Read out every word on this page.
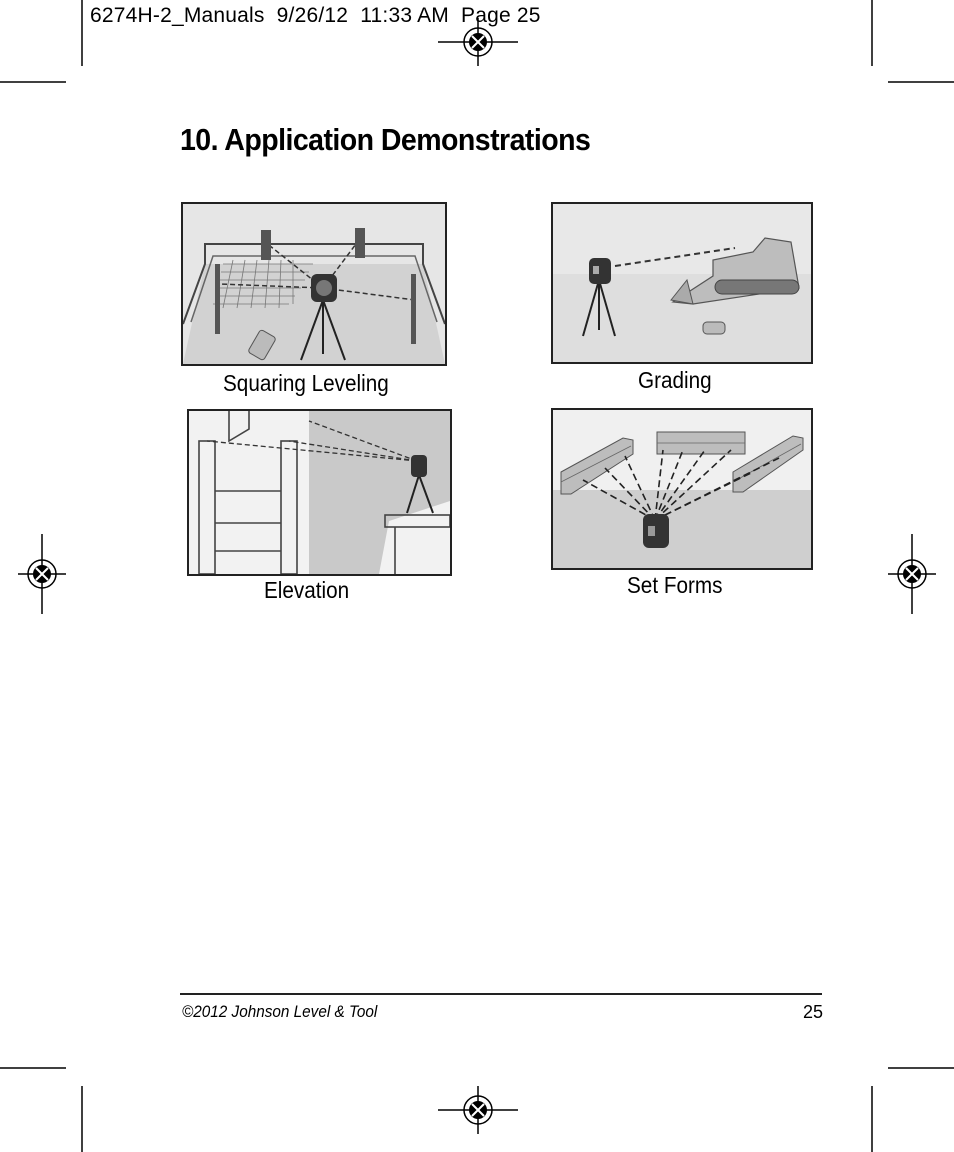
6274H-2_Manuals  9/26/12  11:33 AM  Page 25
10. Application Demonstrations
Squaring Leveling	Grading
Elevation	Set Forms
©2012 Johnson Level & Tool	25
